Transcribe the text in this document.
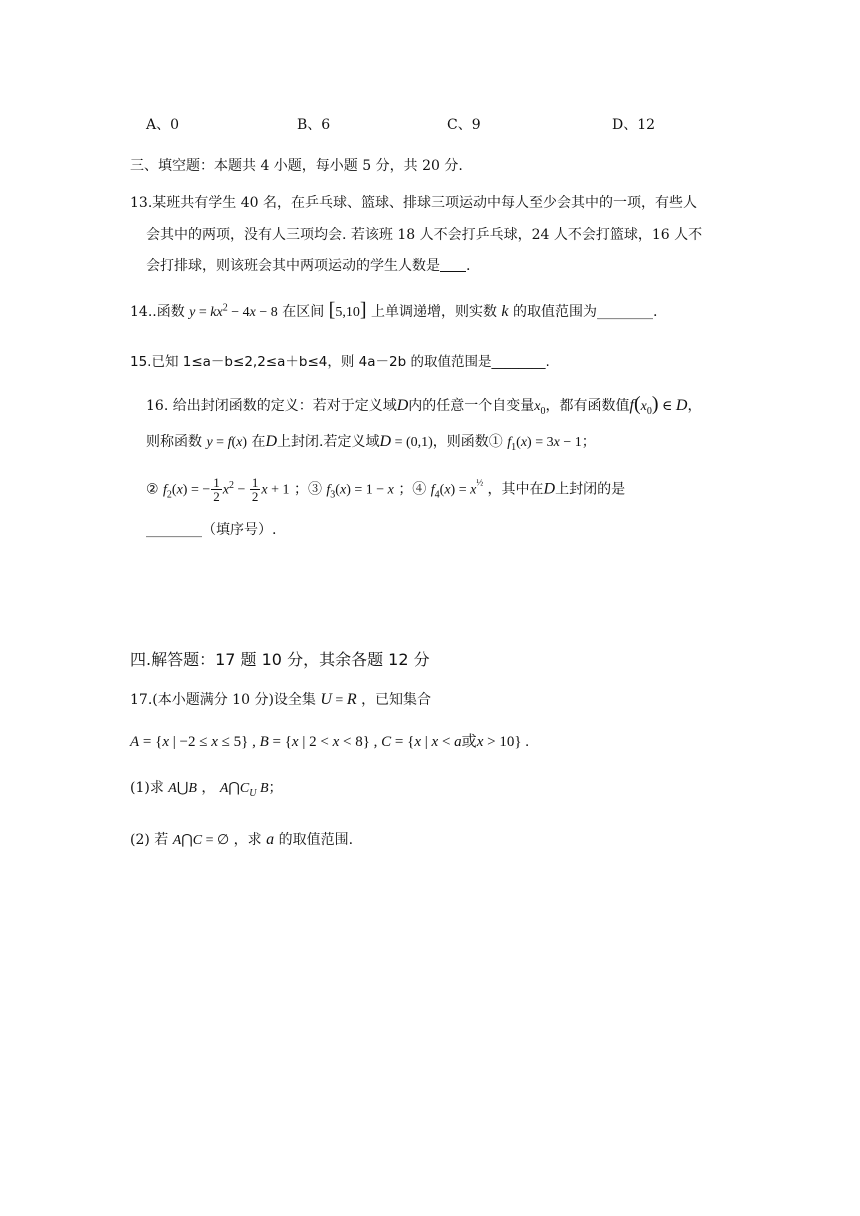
A、0	B、6	C、9	D、12
三、填空题：本题共 4 小题，每小题 5 分，共 20 分.
13.某班共有学生 40 名，在乒乓球、篮球、排球三项运动中每人至少会其中的一项，有些人
会其中的两项，没有人三项均会. 若该班 18 人不会打乒乓球，24 人不会打篮球，16 人不
会打排球，则该班会其中两项运动的学生人数是 .
14..函数 $y = kx^2 - 4x - 8$ 在区间 [5,10] 上单调递增，则实数 k 的取值范围为________.
15.已知 1≤a－b≤2,2≤a＋b≤4，则 4a－2b 的取值范围是________.
16. 给出封闭函数的定义：若对于定义域D内的任意一个自变量$x_0$，都有函数值$f(x_0)$ ∈ D，
则称函数 y = f(x) 在D上封闭.若定义域D = (0,1)，则函数① $f_1(x) = 3x - 1$；
② $f_2(x)$ = − $\frac{1}{2} x^2 - \frac{1}{2}$ x + 1 ；③ $f_3(x) = 1 - x$ ；④ $f_4(x) = x^{\frac{1}{2}}$ ，其中在D上封闭的是
________（填序号）.
四.解答题：17 题 10 分，其余各题 12 分
17.(本小题满分 10 分)设全集 U = R ，已知集合
A = {x | −2 ≤ x ≤ 5} , B = {x | 2 < x < 8} , C = {x | x < a或x > 10} .
(1)求 A⋃B ， $A⋂C_U$ B；
(2) 若 A⋂C = ∅ ，求 a 的取值范围.
